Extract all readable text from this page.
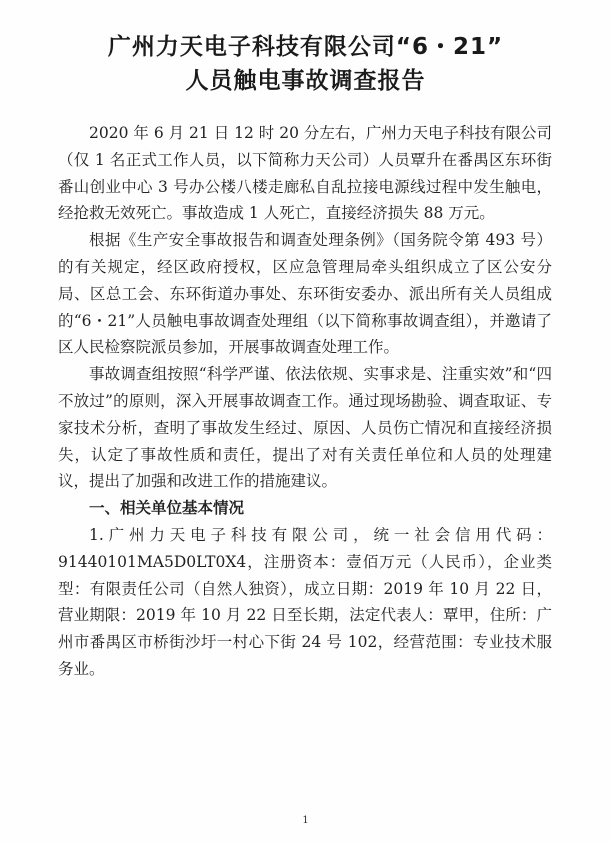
广州力天电子科技有限公司“6・21”
人员触电事故调查报告

2020 年 6 月 21 日 12 时 20 分左右，广州力天电子科技有限公司（仅 1 名正式工作人员，以下简称力天公司）人员覃升在番禺区东环街番山创业中心 3 号办公楼八楼走廊私自乱拉接电源线过程中发生触电，经抢救无效死亡。事故造成 1 人死亡，直接经济损失 88 万元。

根据《生产安全事故报告和调查处理条例》（国务院令第 493 号）的有关规定，经区政府授权，区应急管理局牵头组织成立了区公安分局、区总工会、东环街道办事处、东环街安委办、派出所有关人员组成的“6・21”人员触电事故调查处理组（以下简称事故调查组），并邀请了区人民检察院派员参加，开展事故调查处理工作。

事故调查组按照“科学严谨、依法依规、实事求是、注重实效”和“四不放过”的原则，深入开展事故调查工作。通过现场勘验、调查取证、专家技术分析，查明了事故发生经过、原因、人员伤亡情况和直接经济损失，认定了事故性质和责任，提出了对有关责任单位和人员的处理建议，提出了加强和改进工作的措施建议。

一、相关单位基本情况

1.广州力天电子科技有限公司，统一社会信用代码：91440101MA5D0LT0X4，注册资本：壹佰万元（人民币），企业类型：有限责任公司（自然人独资），成立日期：2019 年 10 月 22 日，营业期限：2019 年 10 月 22 日至长期，法定代表人：覃甲，住所：广州市番禺区市桥街沙圩一村心下街 24 号 102，经营范围：专业技术服务业。

1
